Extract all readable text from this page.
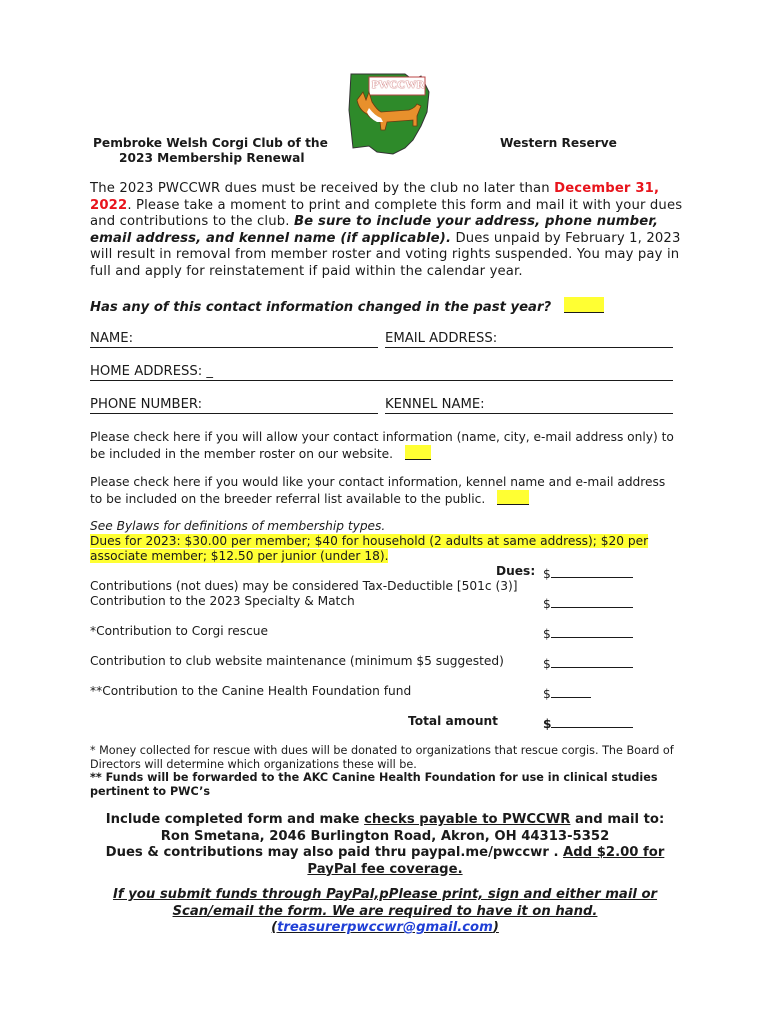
PWCCWR
Pembroke Welsh Corgi Club of the
2023 Membership Renewal
Western Reserve
The 2023 PWCCWR dues must be received by the club no later than December 31, 2022. Please take a moment to print and complete this form and mail it with your dues and contributions to the club. Be sure to include your address, phone number, email address, and kennel name (if applicable). Dues unpaid by February 1, 2023 will result in removal from member roster and voting rights suspended. You may pay in full and apply for reinstatement if paid within the calendar year.
Has any of this contact information changed in the past year?
NAME:	EMAIL ADDRESS:
HOME ADDRESS: _
PHONE NUMBER:	KENNEL NAME:
Please check here if you will allow your contact information (name, city, e-mail address only) to be included in the member roster on our website.
Please check here if you would like your contact information, kennel name and e-mail address to be included on the breeder referral list available to the public.
See Bylaws for definitions of membership types.
Dues for 2023: $30.00 per member; $40 for household (2 adults at same address); $20 per associate member; $12.50 per junior (under 18).
Dues: $
Contributions (not dues) may be considered Tax-Deductible [501c (3)]
Contribution to the 2023 Specialty & Match	$
*Contribution to Corgi rescue	$
Contribution to club website maintenance (minimum $5 suggested)	$
**Contribution to the Canine Health Foundation fund	$
Total amount	$
* Money collected for rescue with dues will be donated to organizations that rescue corgis. The Board of Directors will determine which organizations these will be.
** Funds will be forwarded to the AKC Canine Health Foundation for use in clinical studies pertinent to PWC’s
Include completed form and make checks payable to PWCCWR and mail to:
Ron Smetana, 2046 Burlington Road, Akron, OH 44313-5352
Dues & contributions may also paid thru paypal.me/pwccwr . Add $2.00 for PayPal fee coverage.
If you submit funds through PayPal,pPlease print, sign and either mail or
Scan/email the form. We are required to have it on hand.
(treasurerpwccwr@gmail.com)
